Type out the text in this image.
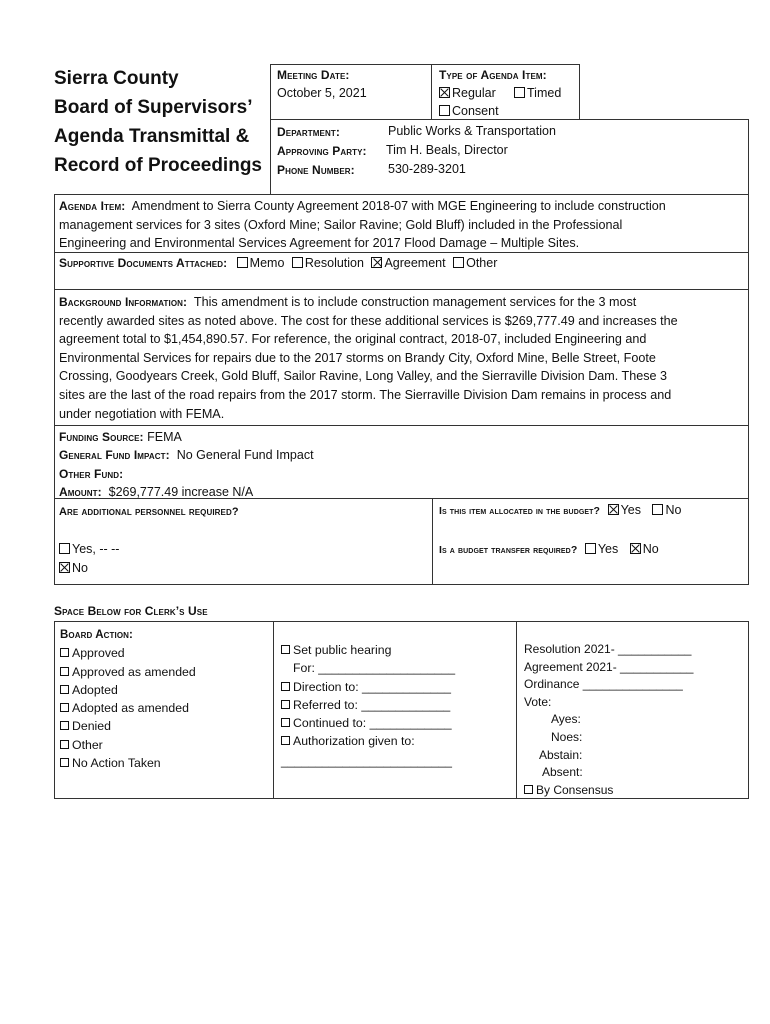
Sierra County
Board of Supervisors’
Agenda Transmittal &
Record of Proceedings
Meeting Date:
October 5, 2021
Type of Agenda Item:
Regular	Timed
Consent
Department:	Public Works & Transportation
Approving Party: Tim H. Beals, Director
Phone Number:	530-289-3201
Agenda Item: Amendment to Sierra County Agreement 2018-07 with MGE Engineering to include construction
management services for 3 sites (Oxford Mine; Sailor Ravine; Gold Bluff) included in the Professional
Engineering and Environmental Services Agreement for 2017 Flood Damage – Multiple Sites.
Supportive Documents Attached: Memo Resolution Agreement Other
Background Information: This amendment is to include construction management services for the 3 most
recently awarded sites as noted above. The cost for these additional services is $269,777.49 and increases the
agreement total to $1,454,890.57. For reference, the original contract, 2018-07, included Engineering and
Environmental Services for repairs due to the 2017 storms on Brandy City, Oxford Mine, Belle Street, Foote
Crossing, Goodyears Creek, Gold Bluff, Sailor Ravine, Long Valley, and the Sierraville Division Dam. These 3
sites are the last of the road repairs from the 2017 storm. The Sierraville Division Dam remains in process and
under negotiation with FEMA.
Funding Source: FEMA
General Fund Impact: No General Fund Impact
Other Fund:
Amount: $269,777.49 increase N/A
Are additional personnel required?
Yes, -- --
No
Is this item allocated in the budget? Yes No
Is a budget transfer required? Yes No
Space Below for Clerk’s Use
Board Action:
Approved
Approved as amended
Adopted
Adopted as amended
Denied
Other
No Action Taken
Set public hearing
For: ____________________
Direction to: _____________
Referred to: _____________
Continued to: ____________
Authorization given to:
_________________________
Resolution 2021- ___________
Agreement 2021- ___________
Ordinance _______________
Vote:
Ayes:
Noes:
Abstain:
Absent:
By Consensus
